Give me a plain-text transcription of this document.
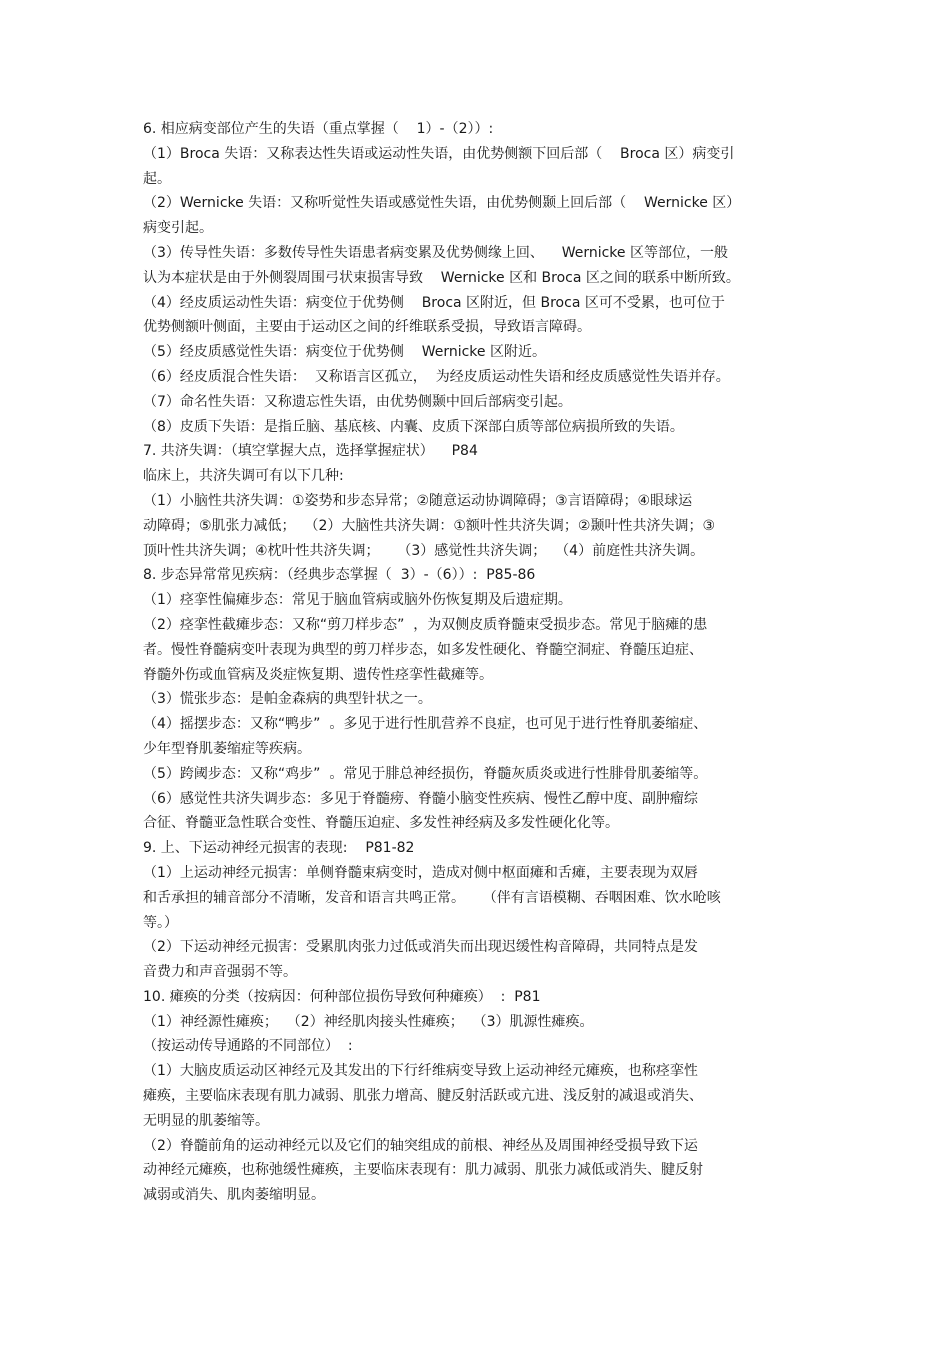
6. 相应病变部位产生的失语（重点掌握（    1）-（2））:
（1）Broca 失语：又称表达性失语或运动性失语，由优势侧额下回后部（    Broca 区）病变引
起。
（2）Wernicke 失语：又称听觉性失语或感觉性失语，由优势侧颞上回后部（    Wernicke 区）
病变引起。
（3）传导性失语：多数传导性失语患者病变累及优势侧缘上回、    Wernicke 区等部位，一般
认为本症状是由于外侧裂周围弓状束损害导致    Wernicke 区和 Broca 区之间的联系中断所致。
（4）经皮质运动性失语：病变位于优势侧    Broca 区附近，但 Broca 区可不受累，也可位于
优势侧额叶侧面，主要由于运动区之间的纤维联系受损，导致语言障碍。
（5）经皮质感觉性失语：病变位于优势侧    Wernicke 区附近。
（6）经皮质混合性失语：  又称语言区孤立，  为经皮质运动性失语和经皮质感觉性失语并存。
（7）命名性失语：又称遗忘性失语，由优势侧颞中回后部病变引起。
（8）皮质下失语：是指丘脑、基底核、内囊、皮质下深部白质等部位病损所致的失语。
7. 共济失调：（填空掌握大点，选择掌握症状）    P84
临床上，共济失调可有以下几种:
（1）小脑性共济失调：①姿势和步态异常；②随意运动协调障碍；③言语障碍；④眼球运
动障碍；⑤肌张力减低；  （2）大脑性共济失调：①额叶性共济失调；②颞叶性共济失调；③
顶叶性共济失调；④枕叶性共济失调；    （3）感觉性共济失调；  （4）前庭性共济失调。
8. 步态异常常见疾病：（经典步态掌握（  3）-（6））:  P85-86
（1）痉挛性偏瘫步态：常见于脑血管病或脑外伤恢复期及后遗症期。
（2）痉挛性截瘫步态：又称“剪刀样步态”  ，为双侧皮质脊髓束受损步态。常见于脑瘫的患
者。慢性脊髓病变叶表现为典型的剪刀样步态，如多发性硬化、脊髓空洞症、脊髓压迫症、
脊髓外伤或血管病及炎症恢复期、遗传性痉挛性截瘫等。
（3）慌张步态：是帕金森病的典型针状之一。
（4）摇摆步态：又称“鸭步”  。多见于进行性肌营养不良症，也可见于进行性脊肌萎缩症、
少年型脊肌萎缩症等疾病。
（5）跨阈步态：又称“鸡步”  。常见于腓总神经损伤，脊髓灰质炎或进行性腓骨肌萎缩等。
（6）感觉性共济失调步态：多见于脊髓痨、脊髓小脑变性疾病、慢性乙醇中度、副肿瘤综
合征、脊髓亚急性联合变性、脊髓压迫症、多发性神经病及多发性硬化化等。
9. 上、下运动神经元损害的表现:    P81-82
（1）上运动神经元损害：单侧脊髓束病变时，造成对侧中枢面瘫和舌瘫，主要表现为双唇
和舌承担的辅音部分不清晰，发音和语言共鸣正常。    （伴有言语模糊、吞咽困难、饮水呛咳
等。）
（2）下运动神经元损害：受累肌肉张力过低或消失而出现迟缓性构音障碍，共同特点是发
音费力和声音强弱不等。
10. 瘫痪的分类（按病因：何种部位损伤导致何种瘫痪）  :  P81
（1）神经源性瘫痪；  （2）神经肌肉接头性瘫痪；  （3）肌源性瘫痪。
（按运动传导通路的不同部位）  :
（1）大脑皮质运动区神经元及其发出的下行纤维病变导致上运动神经元瘫痪，也称痉挛性
瘫痪，主要临床表现有肌力减弱、肌张力增高、腱反射活跃或亢进、浅反射的减退或消失、
无明显的肌萎缩等。
（2）脊髓前角的运动神经元以及它们的轴突组成的前根、神经丛及周围神经受损导致下运
动神经元瘫痪，也称弛缓性瘫痪，主要临床表现有：肌力减弱、肌张力减低或消失、腱反射
减弱或消失、肌肉萎缩明显。
